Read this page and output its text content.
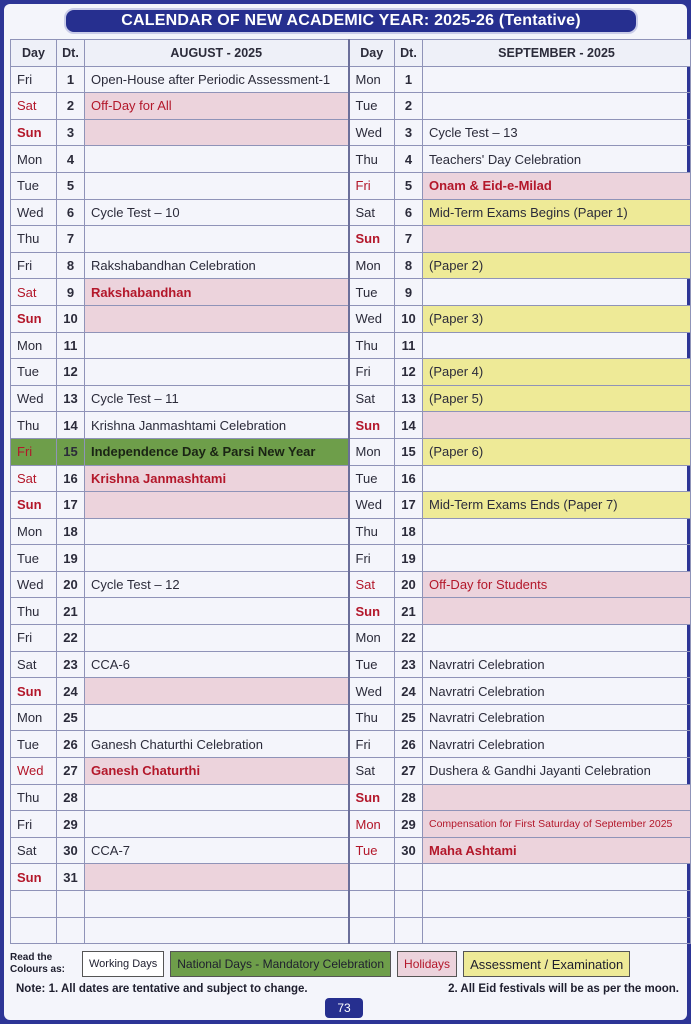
CALENDAR OF NEW ACADEMIC YEAR: 2025-26 (Tentative)
Day	Dt.	AUGUST - 2025	Day	Dt.	SEPTEMBER - 2025
Fri	1	Open-House after Periodic Assessment-1	Mon	1	
Sat	2	Off-Day for All	Tue	2	
Sun	3		Wed	3	Cycle Test – 13
Mon	4		Thu	4	Teachers' Day Celebration
Tue	5		Fri	5	Onam & Eid-e-Milad
Wed	6	Cycle Test – 10	Sat	6	Mid-Term Exams Begins (Paper 1)
Thu	7		Sun	7	
Fri	8	Rakshabandhan Celebration	Mon	8	(Paper 2)
Sat	9	Rakshabandhan	Tue	9	
Sun	10		Wed	10	(Paper 3)
Mon	11		Thu	11	
Tue	12		Fri	12	(Paper 4)
Wed	13	Cycle Test – 11	Sat	13	(Paper 5)
Thu	14	Krishna Janmashtami Celebration	Sun	14	
Fri	15	Independence Day & Parsi New Year	Mon	15	(Paper 6)
Sat	16	Krishna Janmashtami	Tue	16	
Sun	17		Wed	17	Mid-Term Exams Ends (Paper 7)
Mon	18		Thu	18	
Tue	19		Fri	19	
Wed	20	Cycle Test – 12	Sat	20	Off-Day for Students
Thu	21		Sun	21	
Fri	22		Mon	22	
Sat	23	CCA-6	Tue	23	Navratri Celebration
Sun	24		Wed	24	Navratri Celebration
Mon	25		Thu	25	Navratri Celebration
Tue	26	Ganesh Chaturthi Celebration	Fri	26	Navratri Celebration
Wed	27	Ganesh Chaturthi	Sat	27	Dushera & Gandhi Jayanti Celebration
Thu	28		Sun	28	
Fri	29		Mon	29	Compensation for First Saturday of September 2025
Sat	30	CCA-7	Tue	30	Maha Ashtami
Sun	31				

Read the Colours as:	Working Days	National Days - Mandatory Celebration	Holidays	Assessment / Examination
Note: 1. All dates are tentative and subject to change.	2. All Eid festivals will be as per the moon.
73
